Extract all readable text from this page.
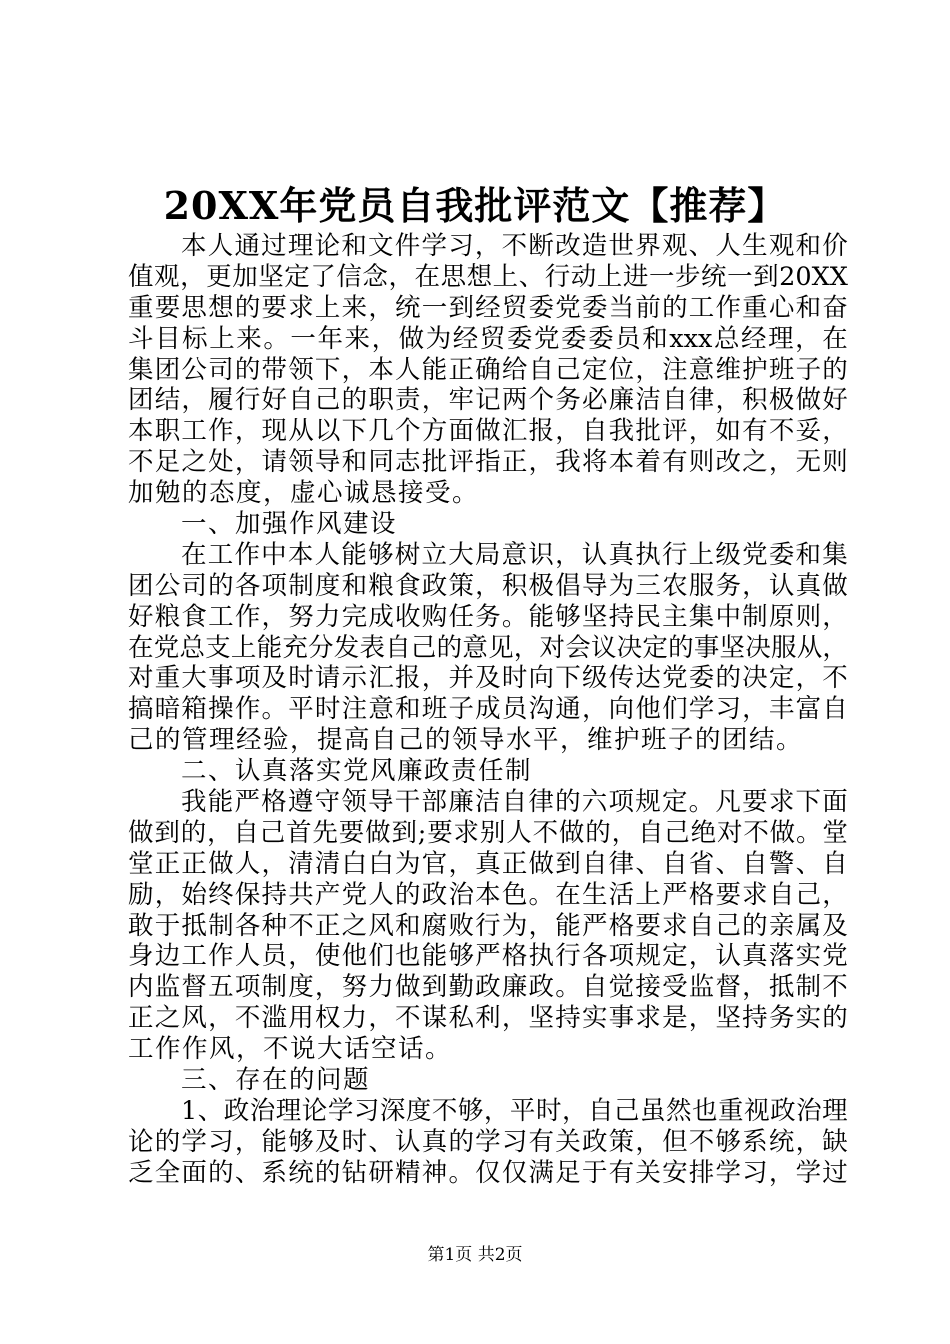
20XX年党员自我批评范文【推荐】
本 人 通 过 理 论 和 文 件 学 习 ， 不 断 改 造 世 界 观 、 人 生 观 和 价
值 观 ， 更 加 坚 定 了 信 念 ， 在 思 想 上 、 行 动 上 进 一 步 统 一 到 20XX
重 要 思 想 的 要 求 上 来 ， 统 一 到 经 贸 委 党 委 当 前 的 工 作 重 心 和 奋
斗 目 标 上 来 。 一 年 来 ， 做 为 经 贸 委 党 委 委 员 和 xxx 总 经 理 ， 在
集 团 公 司 的 带 领 下 ， 本 人 能 正 确 给 自 己 定 位 ， 注 意 维 护 班 子 的
团 结 ， 履 行 好 自 己 的 职 责 ， 牢 记 两 个 务 必 廉 洁 自 律 ， 积 极 做 好
本 职 工 作 ， 现 从 以 下 几 个 方 面 做 汇 报 ， 自 我 批 评 ， 如 有 不 妥 ，
不 足 之 处 ， 请 领 导 和 同 志 批 评 指 正 ， 我 将 本 着 有 则 改 之 ， 无 则
加勉的态度，虚心诚恳接受。
一、加强作风建设
在 工 作 中 本 人 能 够 树 立 大 局 意 识 ， 认 真 执 行 上 级 党 委 和 集
团 公 司 的 各 项 制 度 和 粮 食 政 策 ， 积 极 倡 导 为 三 农 服 务 ， 认 真 做
好 粮 食 工 作 ， 努 力 完 成 收 购 任 务 。 能 够 坚 持 民 主 集 中 制 原 则 ，
在 党 总 支 上 能 充 分 发 表 自 己 的 意 见 ， 对 会 议 决 定 的 事 坚 决 服 从 ，
对 重 大 事 项 及 时 请 示 汇 报 ， 并 及 时 向 下 级 传 达 党 委 的 决 定 ， 不
搞 暗 箱 操 作 。 平 时 注 意 和 班 子 成 员 沟 通 ， 向 他 们 学 习 ， 丰 富 自
己的管理经验，提高自己的领导水平，维护班子的团结。
二、认真落实党风廉政责任制
我 能 严 格 遵 守 领 导 干 部 廉 洁 自 律 的 六 项 规 定 。 凡 要 求 下 面
做 到 的 ， 自 己 首 先 要 做 到 ; 要 求 别 人 不 做 的 ， 自 己 绝 对 不 做 。 堂
堂 正 正 做 人 ， 清 清 白 白 为 官 ， 真 正 做 到 自 律 、 自 省 、 自 警 、 自
励 ， 始 终 保 持 共 产 党 人 的 政 治 本 色 。 在 生 活 上 严 格 要 求 自 己 ，
敢 于 抵 制 各 种 不 正 之 风 和 腐 败 行 为 ， 能 严 格 要 求 自 己 的 亲 属 及
身 边 工 作 人 员 ， 使 他 们 也 能 够 严 格 执 行 各 项 规 定 ， 认 真 落 实 党
内 监 督 五 项 制 度 ， 努 力 做 到 勤 政 廉 政 。 自 觉 接 受 监 督 ， 抵 制 不
正 之 风 ， 不 滥 用 权 力 ， 不 谋 私 利 ， 坚 持 实 事 求 是 ， 坚 持 务 实 的
工作作风，不说大话空话。
三、存在的问题
1 、 政 治 理 论 学 习 深 度 不 够 ， 平 时 ， 自 己 虽 然 也 重 视 政 治 理
论 的 学 习 ， 能 够 及 时 、 认 真 的 学 习 有 关 政 策 ， 但 不 够 系 统 ， 缺
乏 全 面 的 、 系 统 的 钻 研 精 神 。 仅 仅 满 足 于 有 关 安 排 学 习 ， 学 过
第1页 共2页
